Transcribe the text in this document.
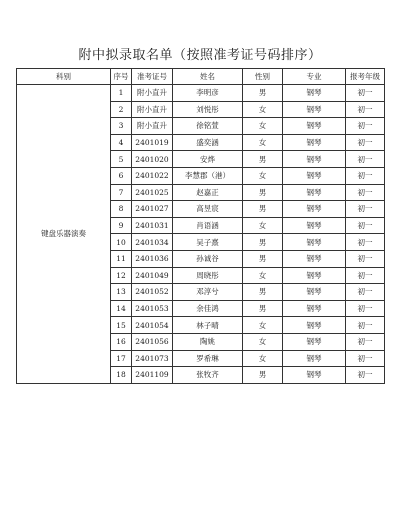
附中拟录取名单（按照准考证号码排序）
科别	序号	准考证号	姓名	性别	专业	报考年级
键盘乐器演奏	1	附小直升	李明彦	男	钢琴	初一
	2	附小直升	刘悦彤	女	钢琴	初一
	3	附小直升	徐铭萱	女	钢琴	初一
	4	2401019	盛奕涵	女	钢琴	初一
	5	2401020	安烨	男	钢琴	初一
	6	2401022	李慧郡（港）	女	钢琴	初一
	7	2401025	赵嘉正	男	钢琴	初一
	8	2401027	高昱宸	男	钢琴	初一
	9	2401031	肖语涵	女	钢琴	初一
	10	2401034	吴子熹	男	钢琴	初一
	11	2401036	孙诚谷	男	钢琴	初一
	12	2401049	周晓彤	女	钢琴	初一
	13	2401052	邓淳兮	男	钢琴	初一
	14	2401053	余佳鸿	男	钢琴	初一
	15	2401054	林子晴	女	钢琴	初一
	16	2401056	陶姚	女	钢琴	初一
	17	2401073	罗希琳	女	钢琴	初一
	18	2401109	张牧齐	男	钢琴	初一
